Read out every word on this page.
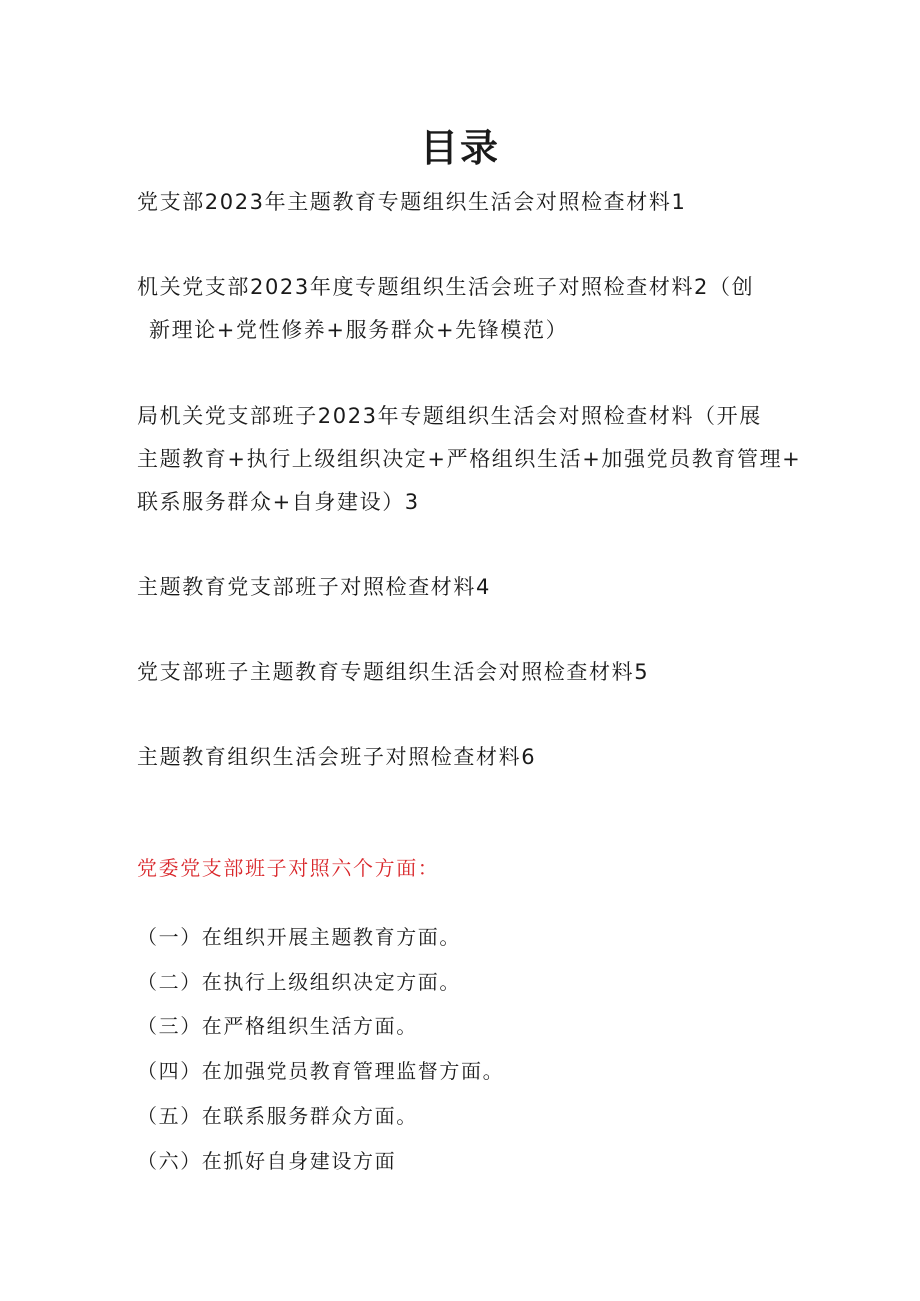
目录
党支部2023年主题教育专题组织生活会对照检查材料1
机关党支部2023年度专题组织生活会班子对照检查材料2（创
新理论+党性修养+服务群众+先锋模范）
局机关党支部班子2023年专题组织生活会对照检查材料（开展
主题教育+执行上级组织决定+严格组织生活+加强党员教育管理+
联系服务群众+自身建设）3
主题教育党支部班子对照检查材料4
党支部班子主题教育专题组织生活会对照检查材料5
主题教育组织生活会班子对照检查材料6

党委党支部班子对照六个方面：

（一）在组织开展主题教育方面。
（二）在执行上级组织决定方面。
（三）在严格组织生活方面。
（四）在加强党员教育管理监督方面。
（五）在联系服务群众方面。
（六）在抓好自身建设方面
